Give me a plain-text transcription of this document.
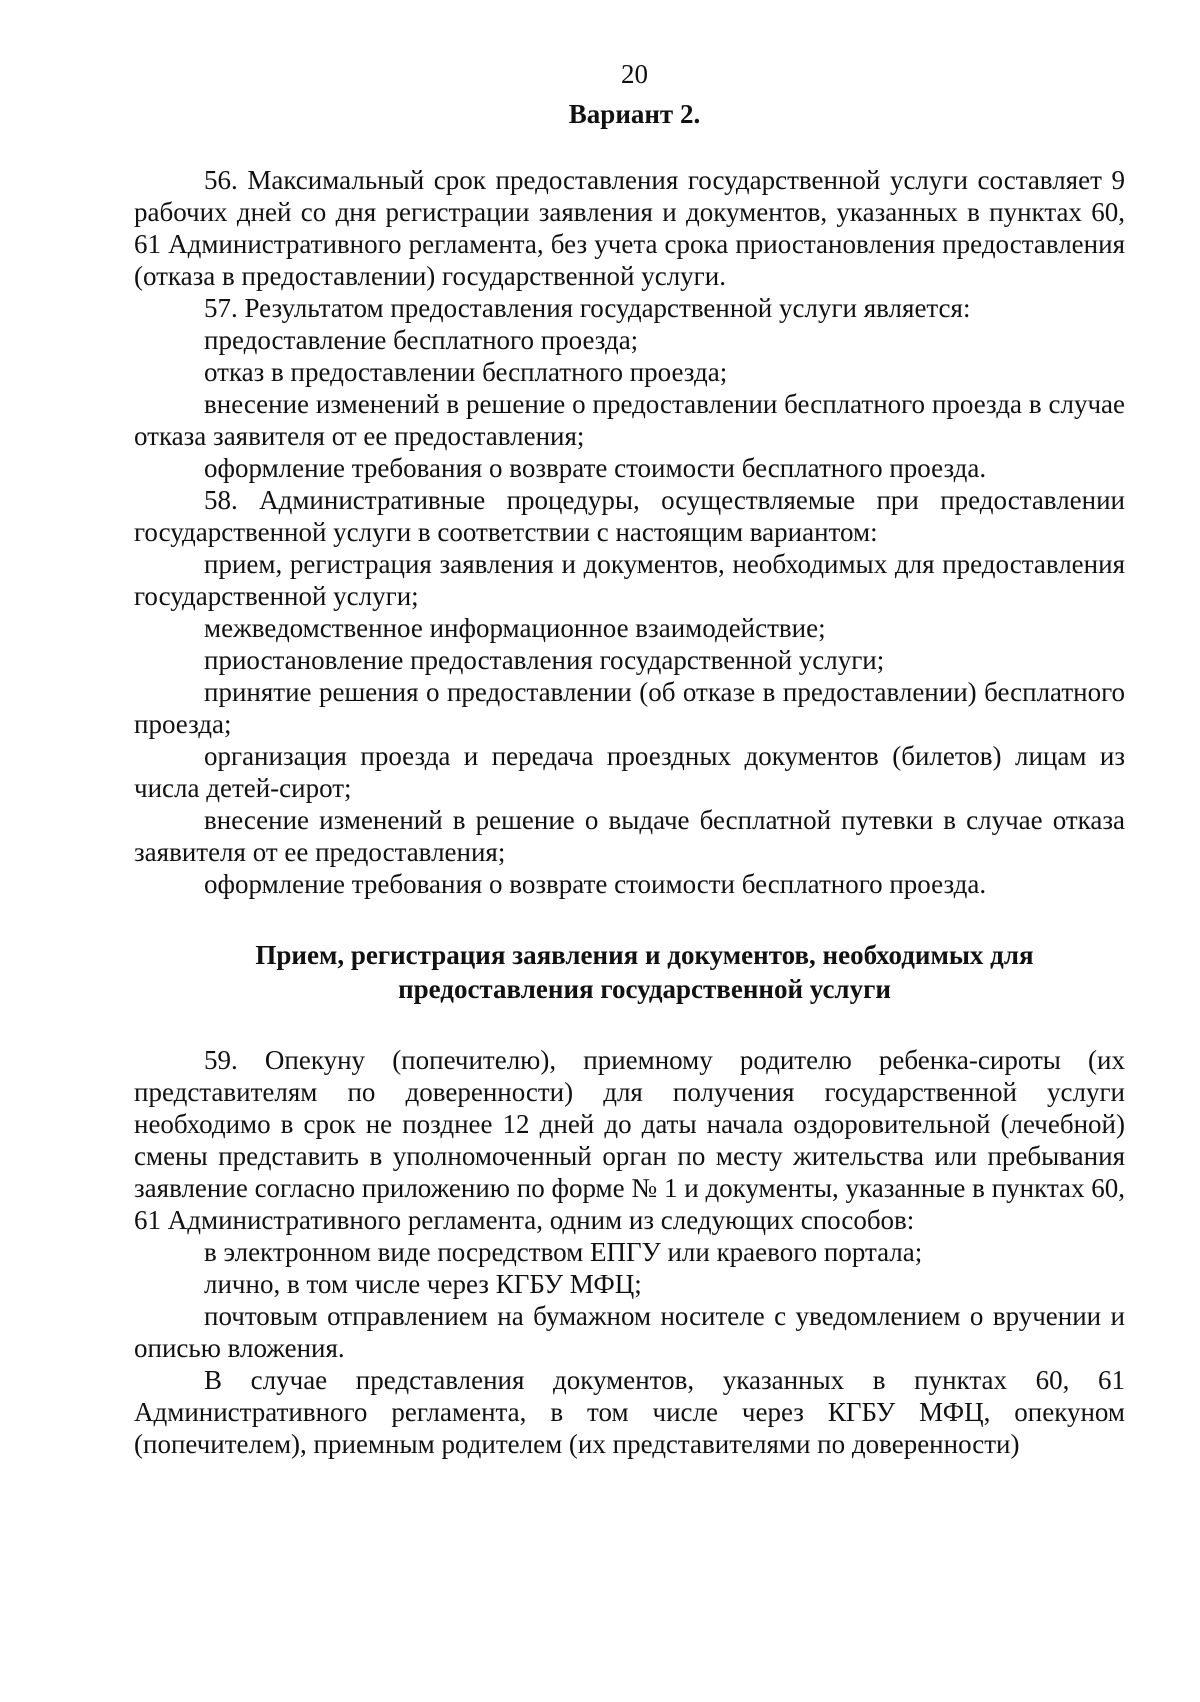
20
Вариант 2.

56. Максимальный срок предоставления государственной услуги составляет 9 рабочих дней со дня регистрации заявления и документов, указанных в пунктах 60, 61 Административного регламента, без учета срока приостановления предоставления (отказа в предоставлении) государственной услуги.

57. Результатом предоставления государственной услуги является:

предоставление бесплатного проезда;

отказ в предоставлении бесплатного проезда;

внесение изменений в решение о предоставлении бесплатного проезда в случае отказа заявителя от ее предоставления;

оформление требования о возврате стоимости бесплатного проезда.

58. Административные процедуры, осуществляемые при предоставлении государственной услуги в соответствии с настоящим вариантом:

прием, регистрация заявления и документов, необходимых для предоставления государственной услуги;

межведомственное информационное взаимодействие;

приостановление предоставления государственной услуги;

принятие решения о предоставлении (об отказе в предоставлении) бесплатного проезда;

организация проезда и передача проездных документов (билетов) лицам из числа детей-сирот;

внесение изменений в решение о выдаче бесплатной путевки в случае отказа заявителя от ее предоставления;

оформление требования о возврате стоимости бесплатного проезда.

Прием, регистрация заявления и документов, необходимых для
предоставления государственной услуги

59. Опекуну (попечителю), приемному родителю ребенка-сироты (их представителям по доверенности) для получения государственной услуги необходимо в срок не позднее 12 дней до даты начала оздоровительной (лечебной) смены представить в уполномоченный орган по месту жительства или пребывания заявление согласно приложению по форме № 1 и документы, указанные в пунктах 60, 61 Административного регламента, одним из следующих способов:

в электронном виде посредством ЕПГУ или краевого портала;

лично, в том числе через КГБУ МФЦ;

почтовым отправлением на бумажном носителе с уведомлением о вручении и описью вложения.

В случае представления документов, указанных в пунктах 60, 61 Административного регламента, в том числе через КГБУ МФЦ, опекуном (попечителем), приемным родителем (их представителями по доверенности)
